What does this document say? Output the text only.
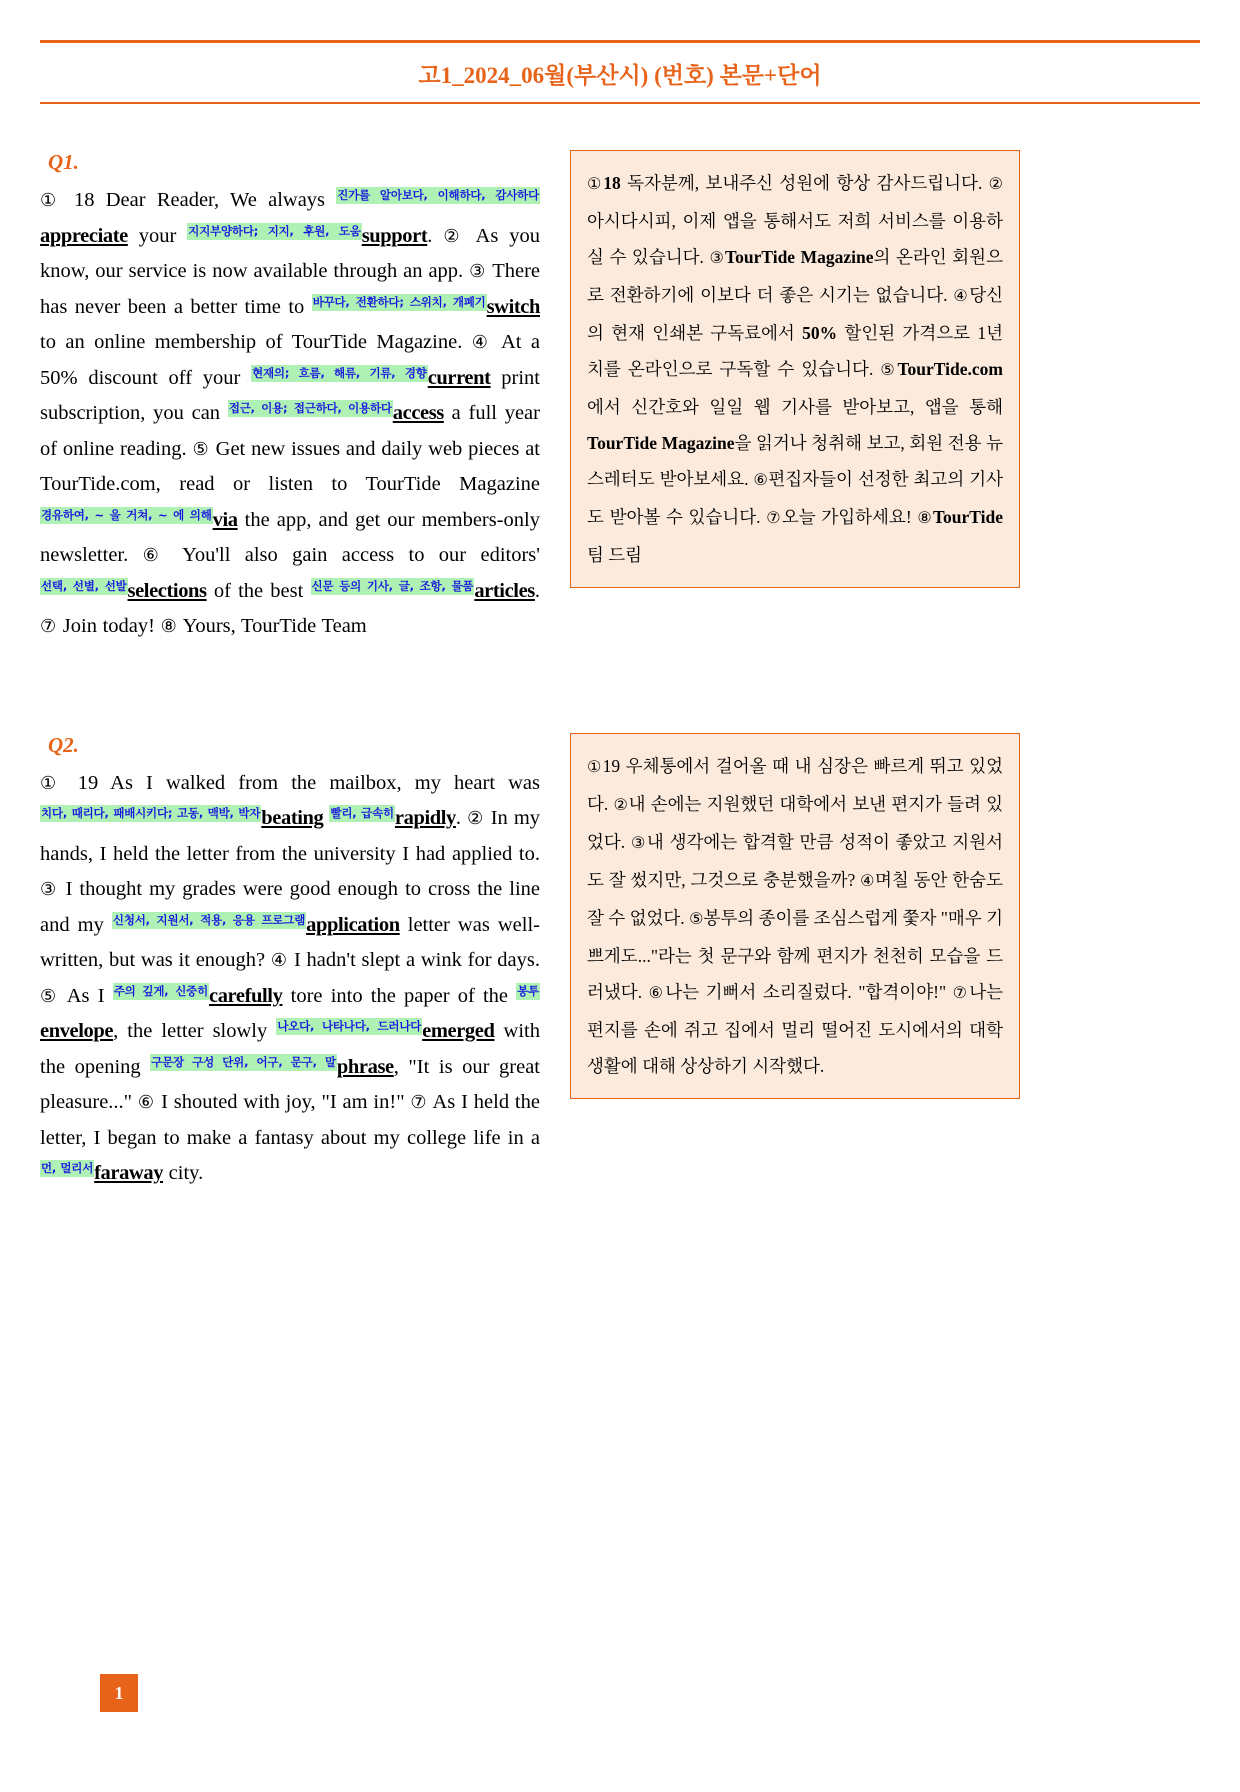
고1_2024_06월(부산시) (번호) 본문+단어
Q1.
① 18 Dear Reader, We always $^{진가를 알아보다, 이해하다, 감사하다}$appreciate your $^{지지부양하다; 지지, 후원, 도움}$support. ② As you know, our service is now available through an app. ③ There has never been a better time to $^{바꾸다, 전환하다; 스위치, 개폐기}$switch to an online membership of TourTide Magazine. ④ At a 50% discount off your $^{현재의; 흐름, 해류, 기류, 경향}$current print subscription, you can $^{접근, 이용; 접근하다, 이용하다}$access a full year of online reading. ⑤ Get new issues and daily web pieces at TourTide.com, read or listen to TourTide Magazine $^{경유하여, \sim 을 거쳐, \sim 에 의해}$via the app, and get our members-only newsletter. ⑥ You'll also gain access to our editors' $^{선택, 선별, 선발}$selections of the best $^{신문 등의 기사, 글, 조항, 물품}$articles. ⑦ Join today! ⑧ Yours, TourTide Team
①18 독자분께, 보내주신 성원에 항상 감사드립니다. ②아시다시피, 이제 앱을 통해서도 저희 서비스를 이용하실 수 있습니다. ③TourTide Magazine의 온라인 회원으로 전환하기에 이보다 더 좋은 시기는 없습니다. ④당신의 현재 인쇄본 구독료에서 50% 할인된 가격으로 1년 치를 온라인으로 구독할 수 있습니다. ⑤TourTide.com에서 신간호와 일일 웹 기사를 받아보고, 앱을 통해 TourTide Magazine을 읽거나 청취해 보고, 회원 전용 뉴스레터도 받아보세요. ⑥편집자들이 선정한 최고의 기사도 받아볼 수 있습니다. ⑦오늘 가입하세요! ⑧TourTide 팀 드림
Q2.
① 19 As I walked from the mailbox, my heart was $^{치다, 때리다, 패배시키다; 고동, 맥박, 박자}$beating $^{빨리, 급속히}$rapidly. ② In my hands, I held the letter from the university I had applied to. ③ I thought my grades were good enough to cross the line and my $^{신청서, 지원서, 적용, 응용 프로그램}$application letter was well-written, but was it enough? ④ I hadn't slept a wink for days. ⑤ As I $^{주의 깊게, 신중히}$carefully tore into the paper of the $^{봉투}$envelope, the letter slowly $^{나오다, 나타나다, 드러나다}$emerged with the opening $^{구문장 구성 단위, 어구, 문구, 말}$phrase, "It is our great pleasure..." ⑥ I shouted with joy, "I am in!" ⑦ As I held the letter, I began to make a fantasy about my college life in a $^{먼, 멀리서}$faraway city.
①19 우체통에서 걸어올 때 내 심장은 빠르게 뛰고 있었다. ②내 손에는 지원했던 대학에서 보낸 편지가 들려 있었다. ③내 생각에는 합격할 만큼 성적이 좋았고 지원서도 잘 썼지만, 그것으로 충분했을까? ④며칠 동안 한숨도 잘 수 없었다. ⑤봉투의 종이를 조심스럽게 쭟자 "매우 기쁘게도..."라는 첫 문구와 함께 편지가 천천히 모습을 드러냈다. ⑥나는 기뻐서 소리질렀다. "합격이야!" ⑦나는 편지를 손에 쥐고 집에서 멀리 떨어진 도시에서의 대학 생활에 대해 상상하기 시작했다.
1
